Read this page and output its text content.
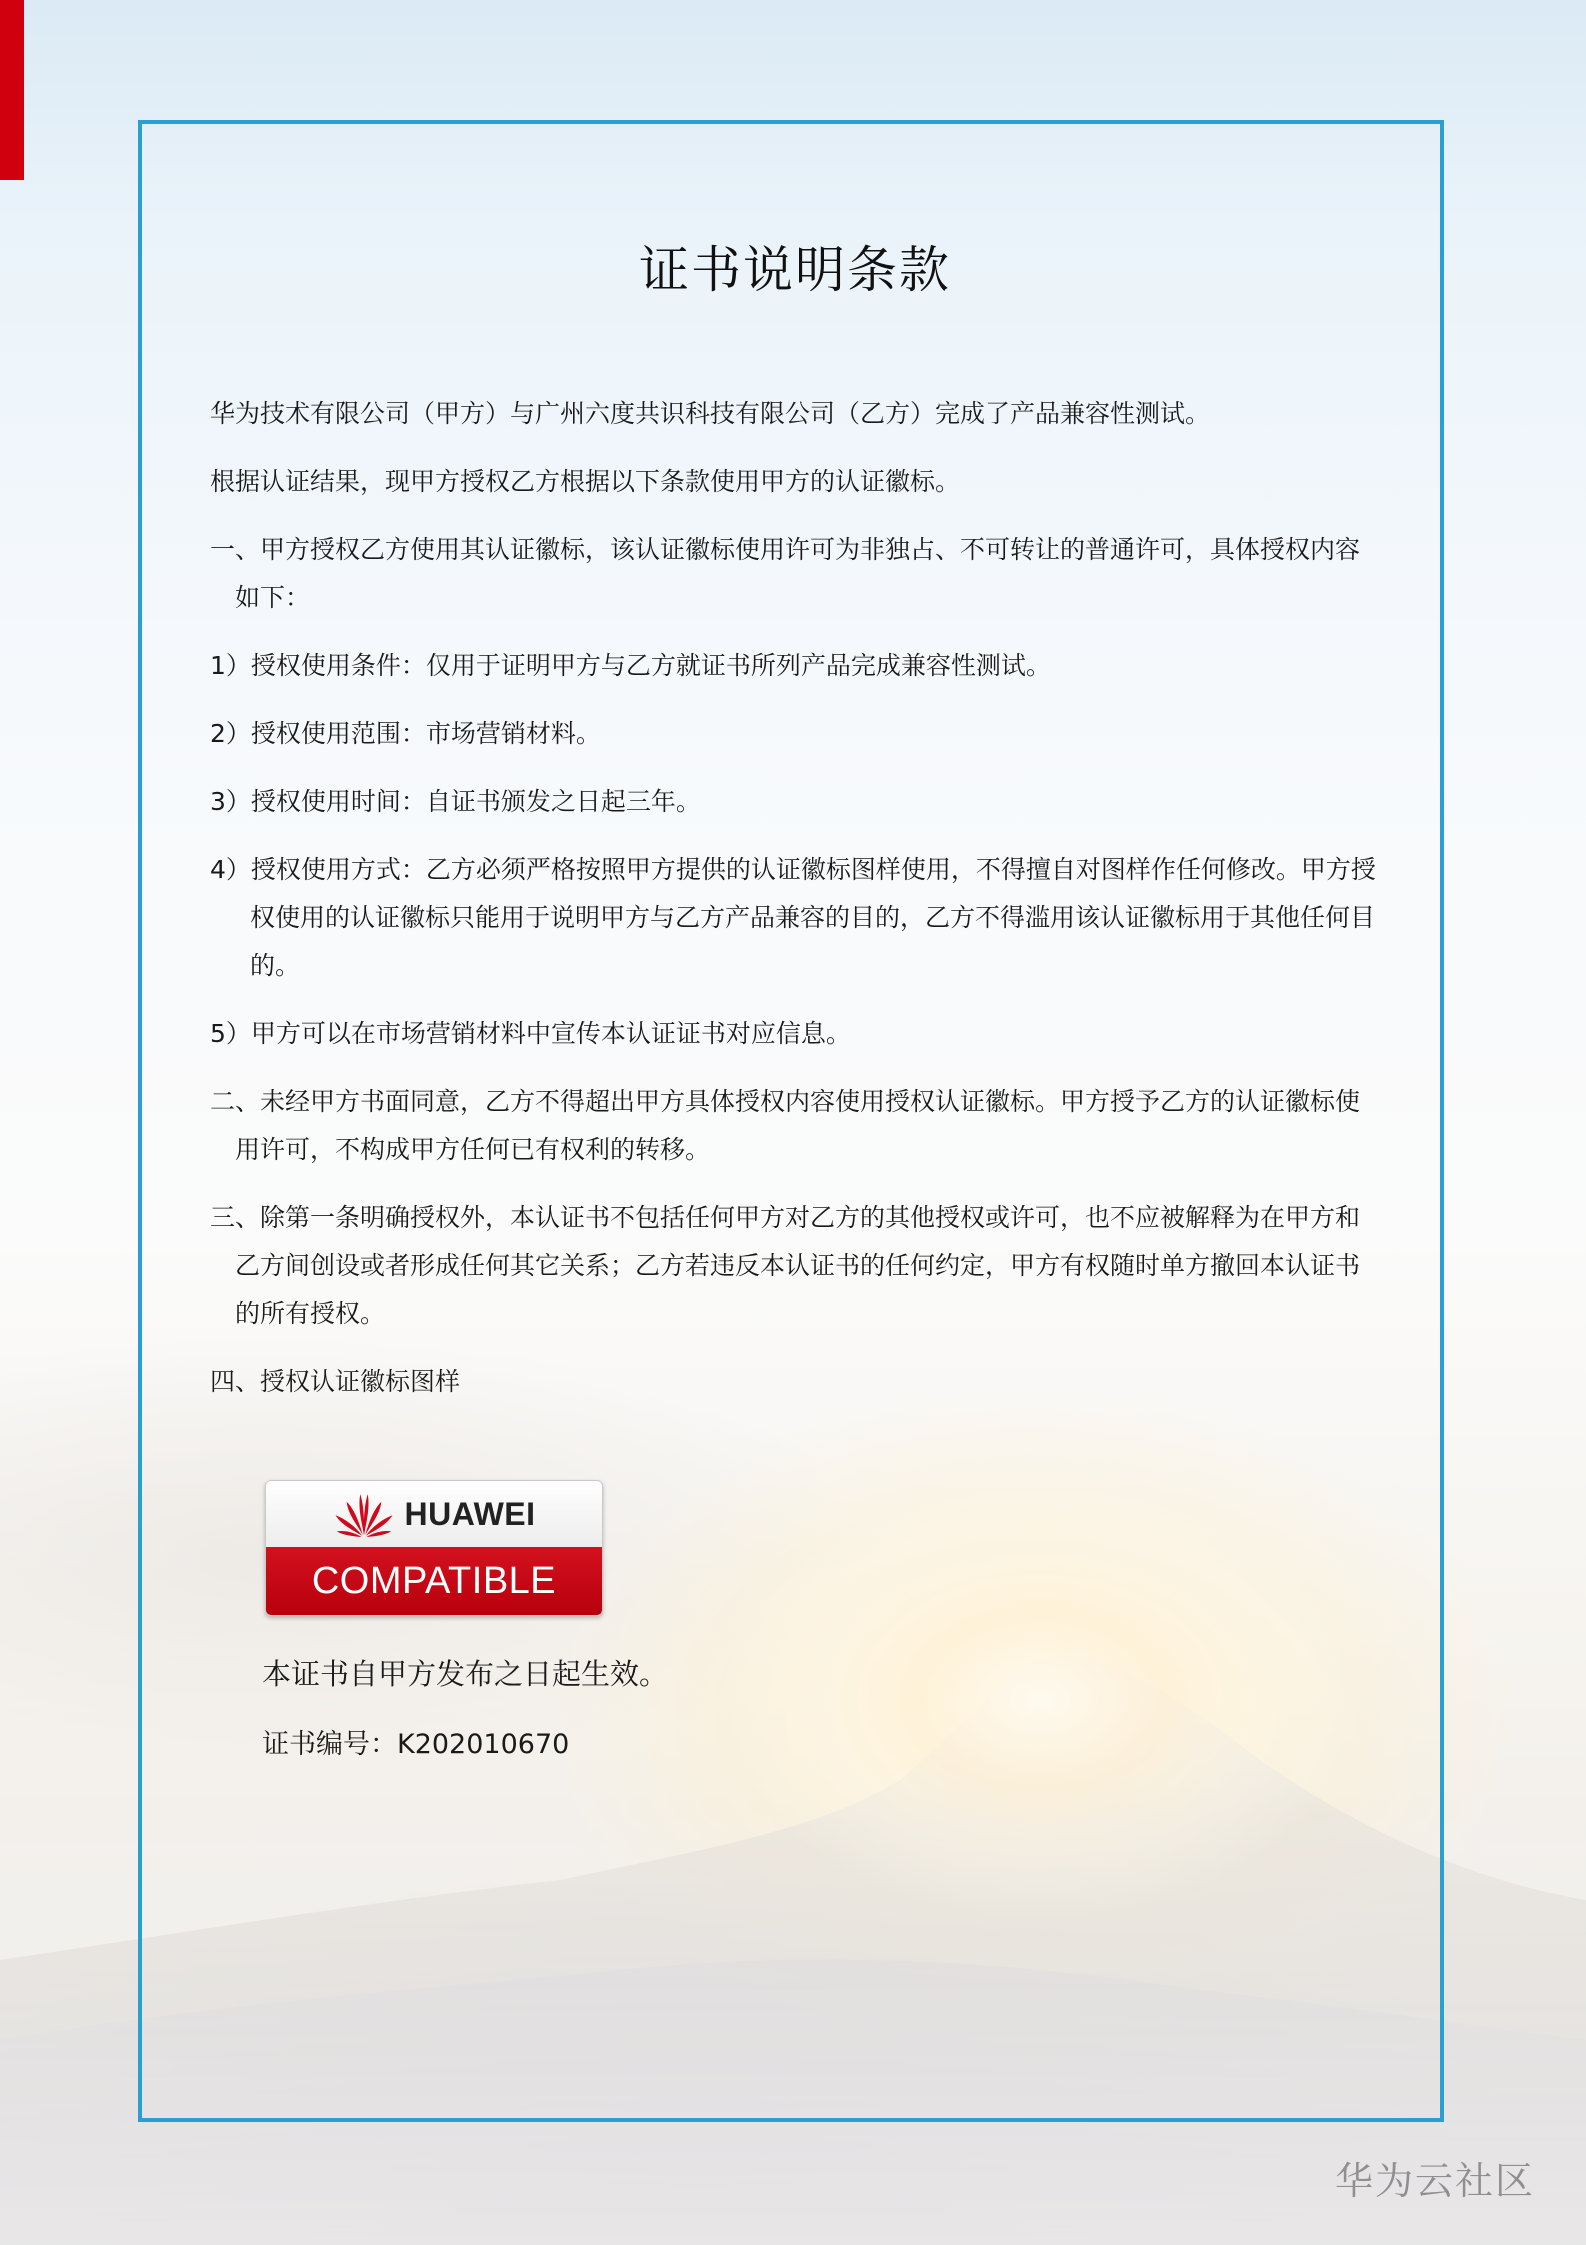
证书说明条款

华为技术有限公司（甲方）与广州六度共识科技有限公司（乙方）完成了产品兼容性测试。

根据认证结果，现甲方授权乙方根据以下条款使用甲方的认证徽标。

一、甲方授权乙方使用其认证徽标，该认证徽标使用许可为非独占、不可转让的普通许可，具体授权内容如下：

1）授权使用条件：仅用于证明甲方与乙方就证书所列产品完成兼容性测试。

2）授权使用范围：市场营销材料。

3）授权使用时间：自证书颁发之日起三年。

4）授权使用方式：乙方必须严格按照甲方提供的认证徽标图样使用，不得擅自对图样作任何修改。甲方授权使用的认证徽标只能用于说明甲方与乙方产品兼容的目的，乙方不得滥用该认证徽标用于其他任何目的。

5）甲方可以在市场营销材料中宣传本认证证书对应信息。

二、未经甲方书面同意，乙方不得超出甲方具体授权内容使用授权认证徽标。甲方授予乙方的认证徽标使用许可，不构成甲方任何已有权利的转移。

三、除第一条明确授权外，本认证书不包括任何甲方对乙方的其他授权或许可，也不应被解释为在甲方和乙方间创设或者形成任何其它关系；乙方若违反本认证书的任何约定，甲方有权随时单方撤回本认证书的所有授权。

四、授权认证徽标图样

HUAWEI
COMPATIBLE
本证书自甲方发布之日起生效。
证书编号：K202010670
华为云社区
